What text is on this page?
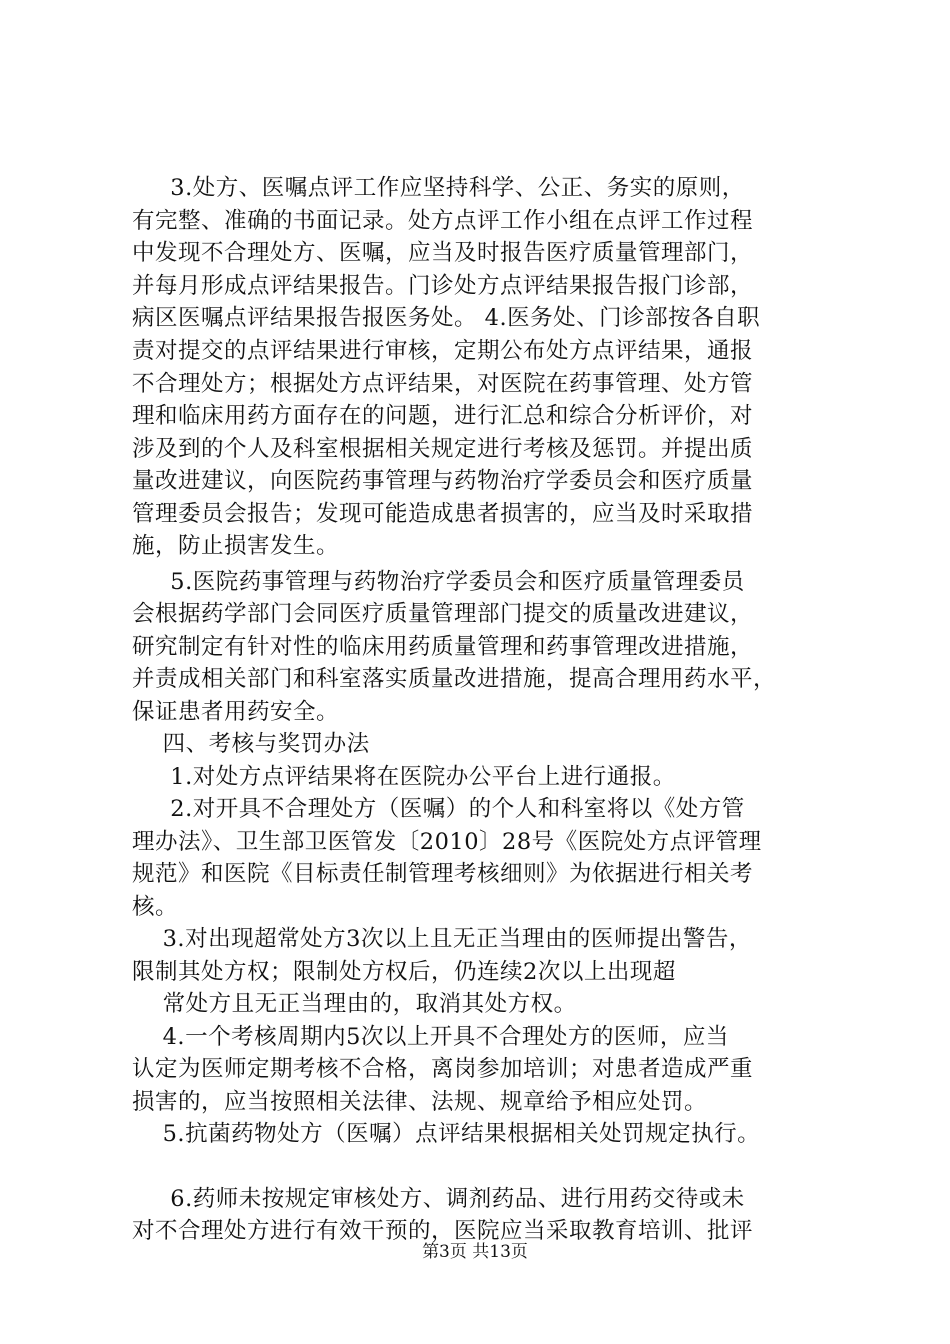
3.处方、医嘱点评工作应坚持科学、公正、务实的原则，
有完整、准确的书面记录。处方点评工作小组在点评工作过程
中发现不合理处方、医嘱，应当及时报告医疗质量管理部门，
并每月形成点评结果报告。门诊处方点评结果报告报门诊部，
病区医嘱点评结果报告报医务处。 4.医务处、门诊部按各自职
责对提交的点评结果进行审核，定期公布处方点评结果，通报
不合理处方；根据处方点评结果，对医院在药事管理、处方管
理和临床用药方面存在的问题，进行汇总和综合分析评价，对
涉及到的个人及科室根据相关规定进行考核及惩罚。并提出质
量改进建议，向医院药事管理与药物治疗学委员会和医疗质量
管理委员会报告；发现可能造成患者损害的，应当及时采取措
施，防止损害发生。
5.医院药事管理与药物治疗学委员会和医疗质量管理委员
会根据药学部门会同医疗质量管理部门提交的质量改进建议，
研究制定有针对性的临床用药质量管理和药事管理改进措施，
并责成相关部门和科室落实质量改进措施，提高合理用药水平，
保证患者用药安全。
四、考核与奖罚办法
1.对处方点评结果将在医院办公平台上进行通报。
2.对开具不合理处方（医嘱）的个人和科室将以《处方管
理办法》、卫生部卫医管发〔2010〕28号《医院处方点评管理
规范》和医院《目标责任制管理考核细则》为依据进行相关考
核。
3.对出现超常处方3次以上且无正当理由的医师提出警告，
限制其处方权；限制处方权后，仍连续2次以上出现超
常处方且无正当理由的，取消其处方权。
4.一个考核周期内5次以上开具不合理处方的医师，应当
认定为医师定期考核不合格，离岗参加培训；对患者造成严重
损害的，应当按照相关法律、法规、规章给予相应处罚。
5.抗菌药物处方（医嘱）点评结果根据相关处罚规定执行。
6.药师未按规定审核处方、调剂药品、进行用药交待或未
对不合理处方进行有效干预的，医院应当采取教育培训、批评
第3页 共13页
